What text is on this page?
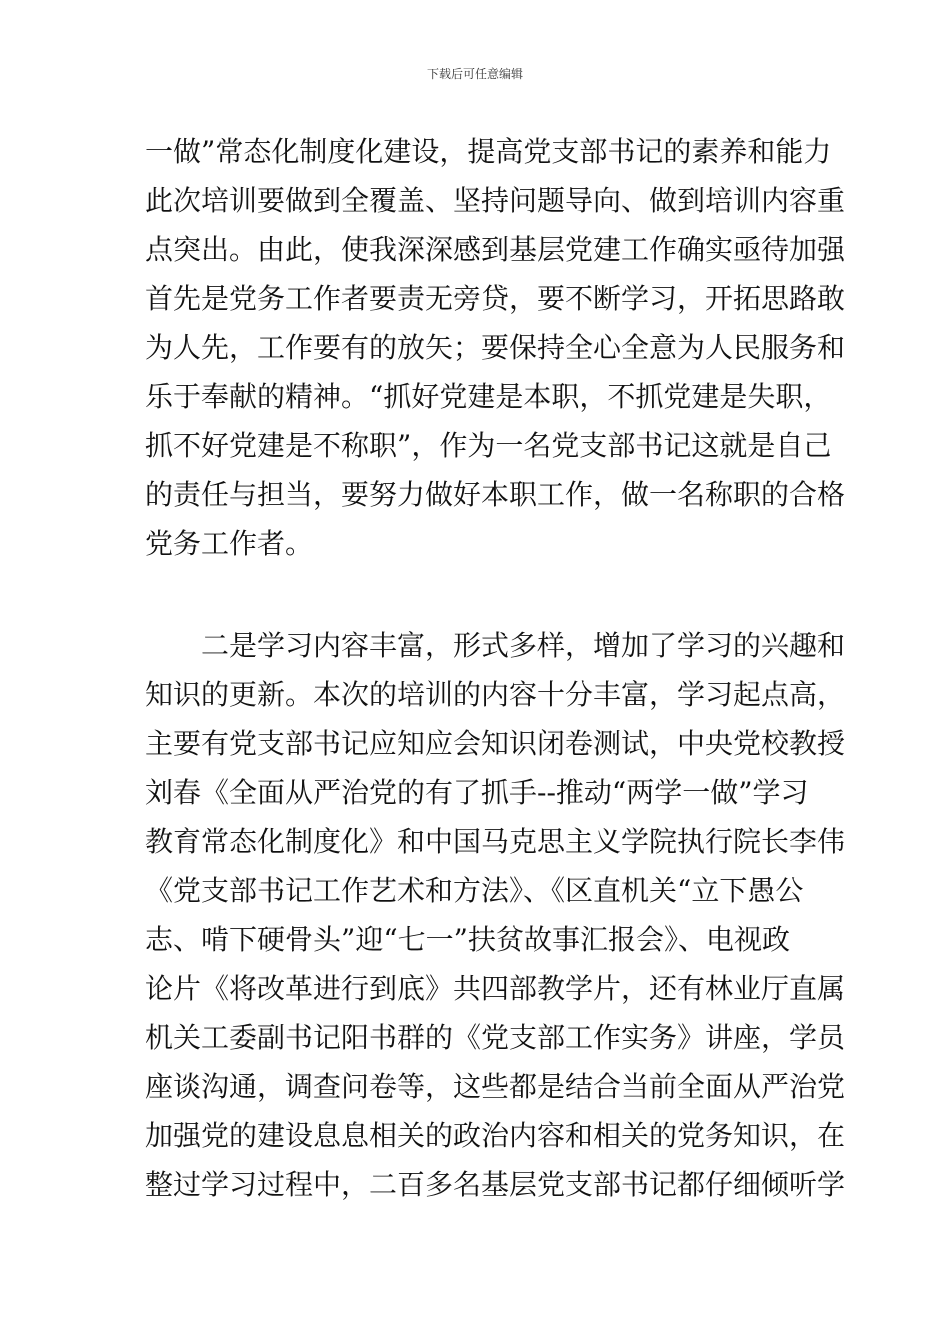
下载后可任意编辑
一做”常态化制度化建设，提高党支部书记的素养和能力
此次培训要做到全覆盖、坚持问题导向、做到培训内容重
点突出。由此，使我深深感到基层党建工作确实亟待加强
首先是党务工作者要责无旁贷，要不断学习，开拓思路敢
为人先，工作要有的放矢；要保持全心全意为人民服务和
乐于奉献的精神。“抓好党建是本职，不抓党建是失职，
抓不好党建是不称职”，作为一名党支部书记这就是自己
的责任与担当，要努力做好本职工作，做一名称职的合格
党务工作者。
二是学习内容丰富，形式多样，增加了学习的兴趣和
知识的更新。本次的培训的内容十分丰富，学习起点高，
主要有党支部书记应知应会知识闭卷测试，中央党校教授
刘春《全面从严治党的有了抓手--推动“两学一做”学习
教育常态化制度化》和中国马克思主义学院执行院长李伟
《党支部书记工作艺术和方法》、《区直机关“立下愚公
志、啃下硬骨头”迎“七一”扶贫故事汇报会》、电视政
论片《将改革进行到底》共四部教学片，还有林业厅直属
机关工委副书记阳书群的《党支部工作实务》讲座，学员
座谈沟通，调查问卷等，这些都是结合当前全面从严治党
加强党的建设息息相关的政治内容和相关的党务知识，在
整过学习过程中，二百多名基层党支部书记都仔细倾听学
